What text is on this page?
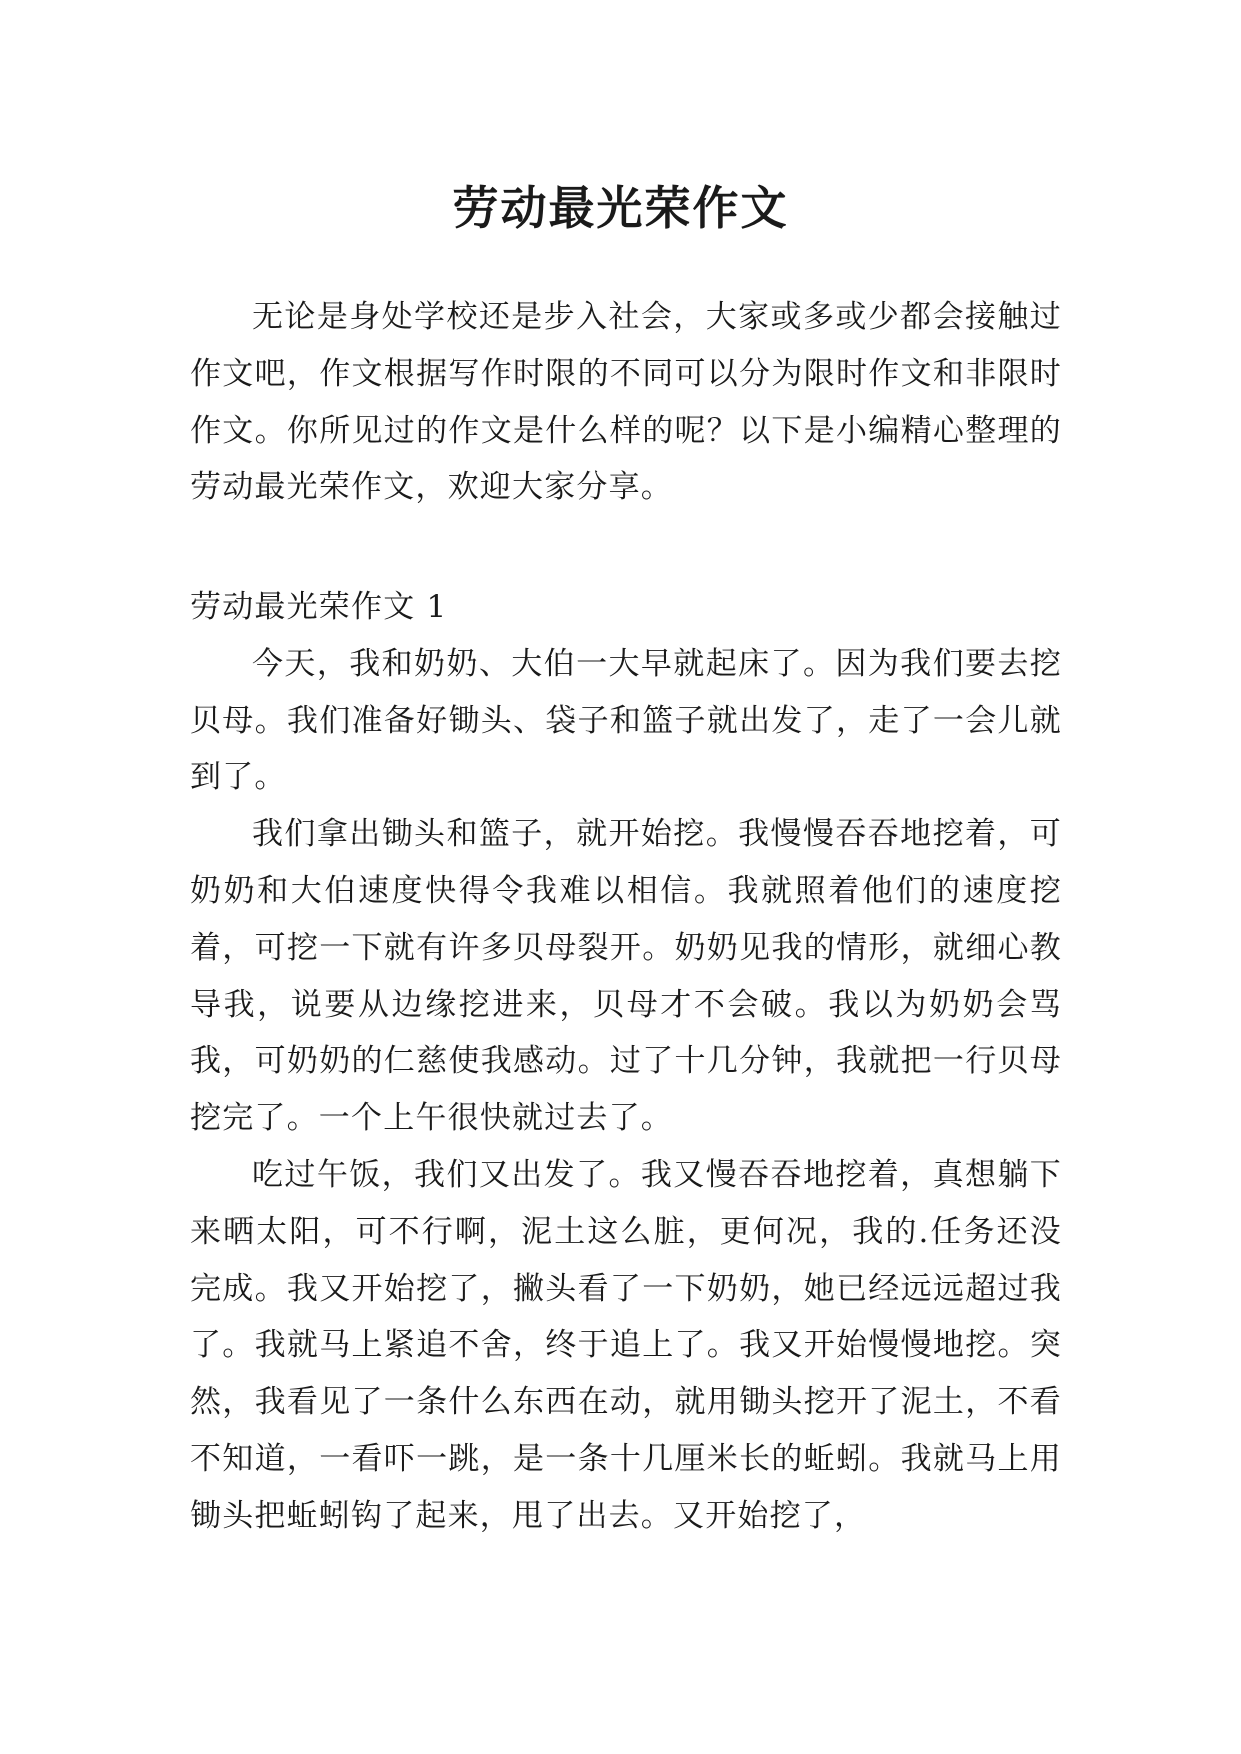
劳动最光荣作文

无论是身处学校还是步入社会，大家或多或少都会接触过作文吧，作文根据写作时限的不同可以分为限时作文和非限时作文。你所见过的作文是什么样的呢？以下是小编精心整理的劳动最光荣作文，欢迎大家分享。

劳动最光荣作文 1

今天，我和奶奶、大伯一大早就起床了。因为我们要去挖贝母。我们准备好锄头、袋子和篮子就出发了，走了一会儿就到了。

我们拿出锄头和篮子，就开始挖。我慢慢吞吞地挖着，可奶奶和大伯速度快得令我难以相信。我就照着他们的速度挖着，可挖一下就有许多贝母裂开。奶奶见我的情形，就细心教导我，说要从边缘挖进来，贝母才不会破。我以为奶奶会骂我，可奶奶的仁慈使我感动。过了十几分钟，我就把一行贝母挖完了。一个上午很快就过去了。

吃过午饭，我们又出发了。我又慢吞吞地挖着，真想躺下来晒太阳，可不行啊，泥土这么脏，更何况，我的.任务还没完成。我又开始挖了，撇头看了一下奶奶，她已经远远超过我了。我就马上紧追不舍，终于追上了。我又开始慢慢地挖。突然，我看见了一条什么东西在动，就用锄头挖开了泥土，不看不知道，一看吓一跳，是一条十几厘米长的蚯蚓。我就马上用锄头把蚯蚓钩了起来，甩了出去。又开始挖了，
